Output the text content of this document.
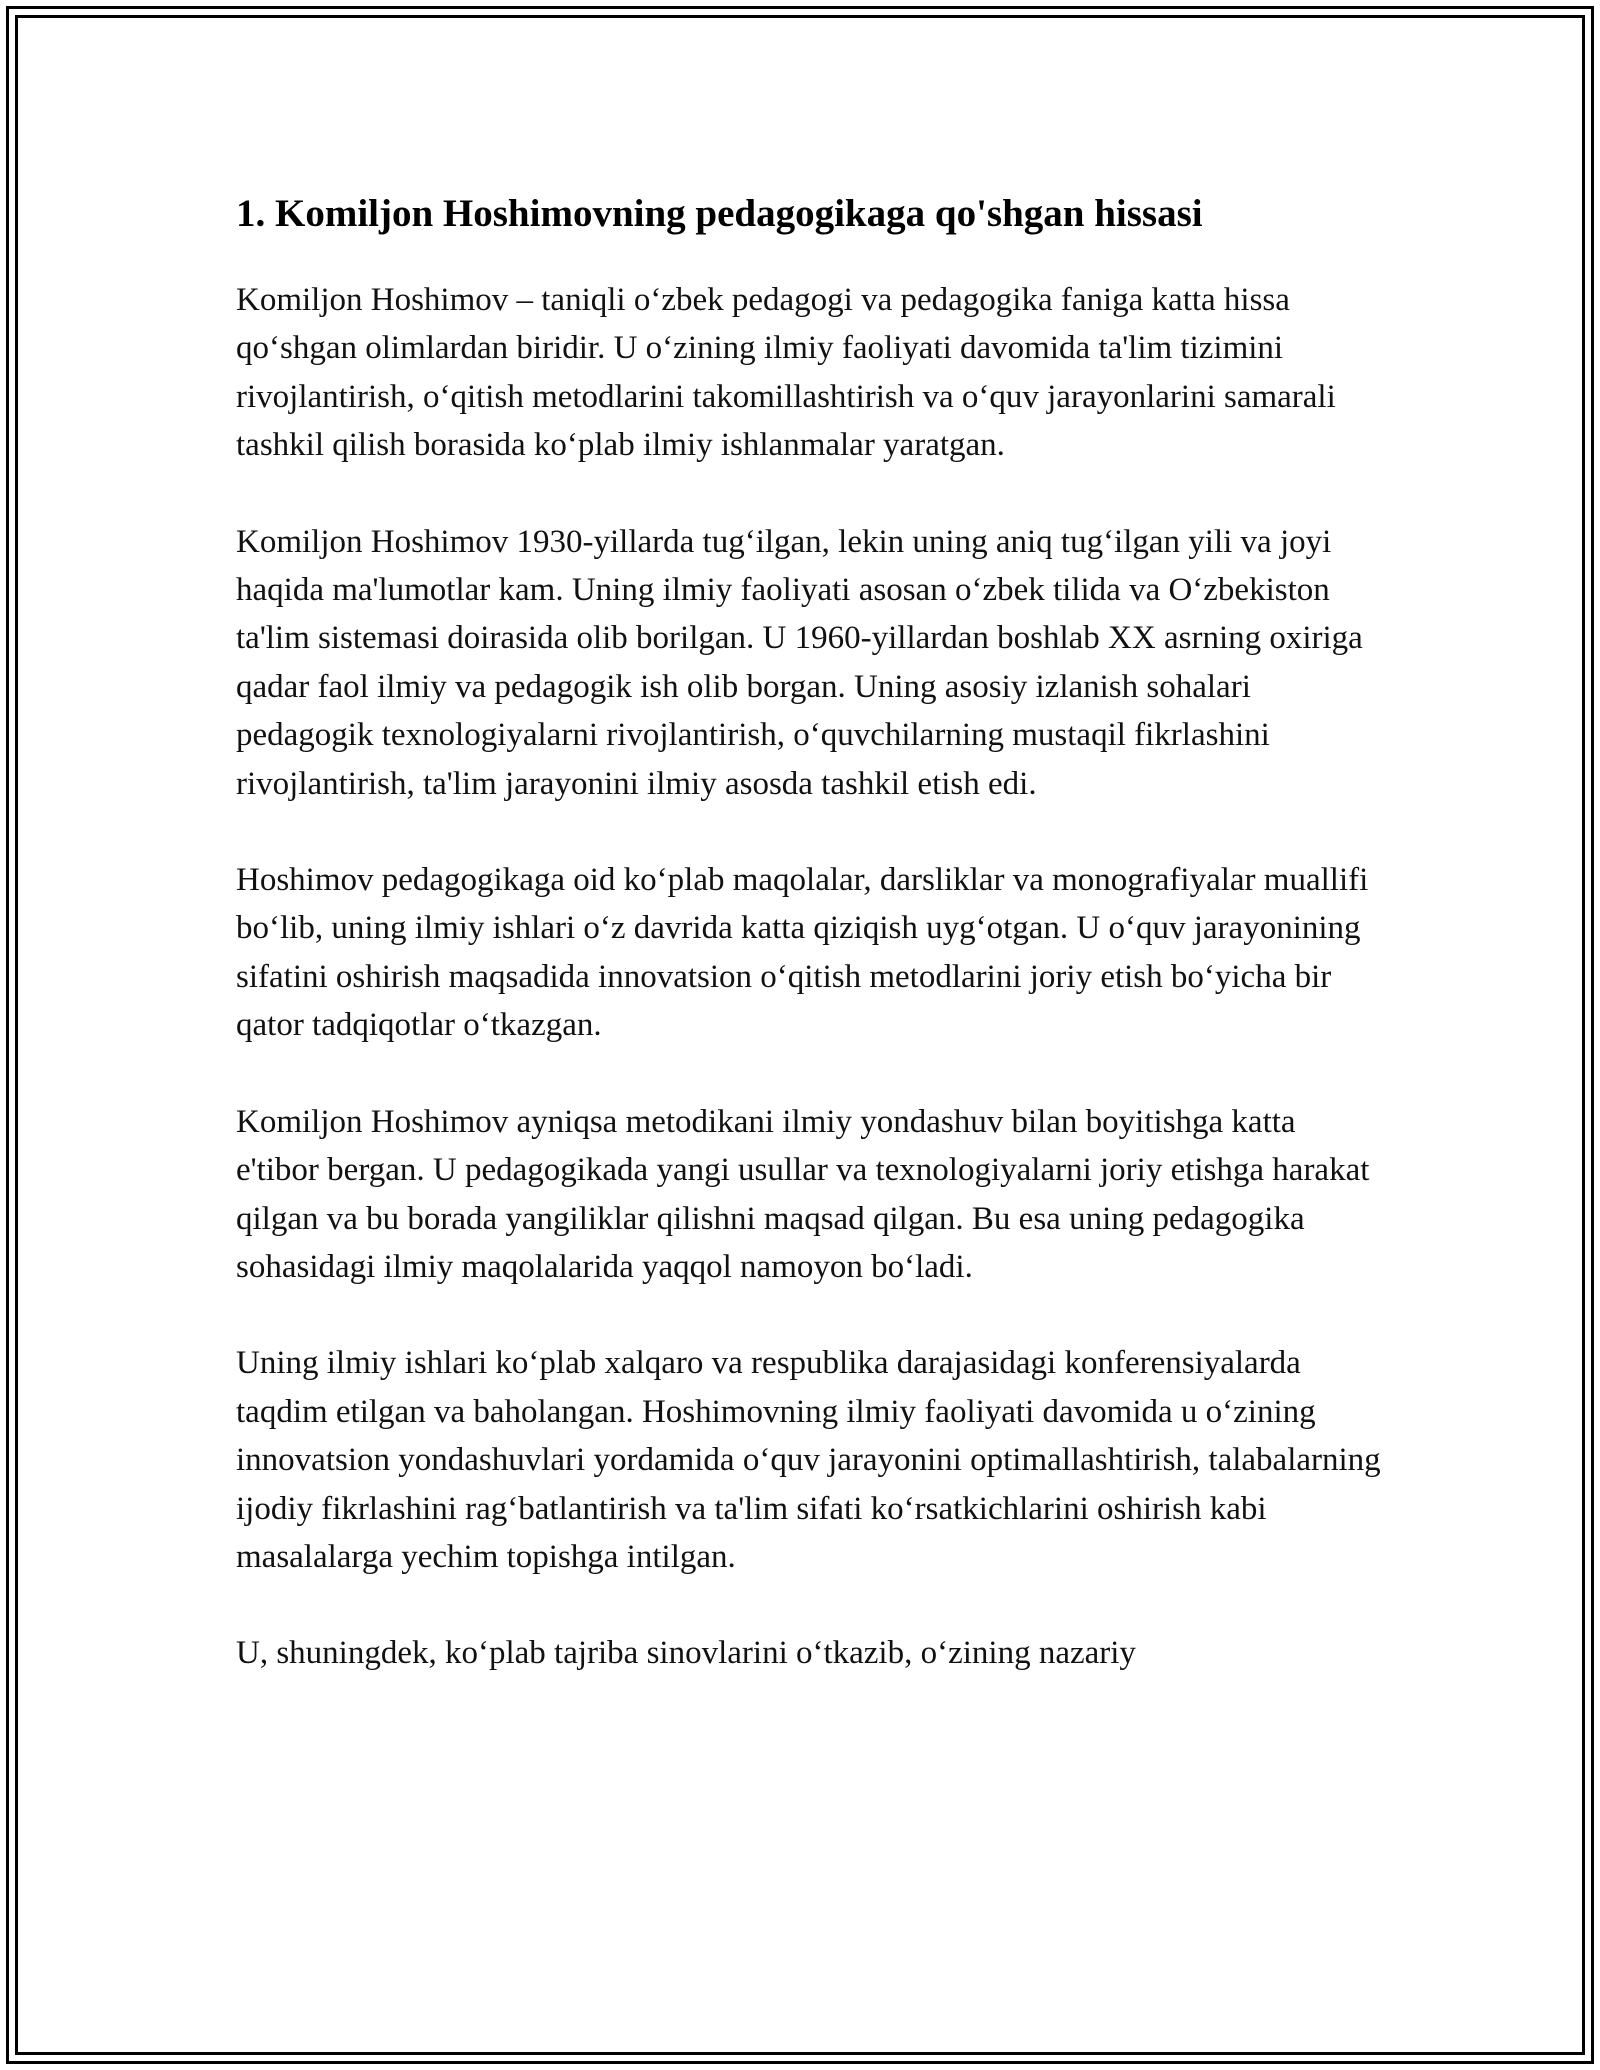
1. Komiljon Hoshimovning pedagogikaga qo'shgan hissasi

Komiljon Hoshimov – taniqli o‘zbek pedagogi va pedagogika faniga katta hissa qo‘shgan olimlardan biridir. U o‘zining ilmiy faoliyati davomida ta'lim tizimini rivojlantirish, o‘qitish metodlarini takomillashtirish va o‘quv jarayonlarini samarali tashkil qilish borasida ko‘plab ilmiy ishlanmalar yaratgan.

Komiljon Hoshimov 1930-yillarda tug‘ilgan, lekin uning aniq tug‘ilgan yili va joyi haqida ma'lumotlar kam. Uning ilmiy faoliyati asosan o‘zbek tilida va O‘zbekiston ta'lim sistemasi doirasida olib borilgan. U 1960-yillardan boshlab XX asrning oxiriga qadar faol ilmiy va pedagogik ish olib borgan. Uning asosiy izlanish sohalari pedagogik texnologiyalarni rivojlantirish, o‘quvchilarning mustaqil fikrlashini rivojlantirish, ta'lim jarayonini ilmiy asosda tashkil etish edi.

Hoshimov pedagogikaga oid ko‘plab maqolalar, darsliklar va monografiyalar muallifi bo‘lib, uning ilmiy ishlari o‘z davrida katta qiziqish uyg‘otgan. U o‘quv jarayonining sifatini oshirish maqsadida innovatsion o‘qitish metodlarini joriy etish bo‘yicha bir qator tadqiqotlar o‘tkazgan.

Komiljon Hoshimov ayniqsa metodikani ilmiy yondashuv bilan boyitishga katta e'tibor bergan. U pedagogikada yangi usullar va texnologiyalarni joriy etishga harakat qilgan va bu borada yangiliklar qilishni maqsad qilgan. Bu esa uning pedagogika sohasidagi ilmiy maqolalarida yaqqol namoyon bo‘ladi.

Uning ilmiy ishlari ko‘plab xalqaro va respublika darajasidagi konferensiyalarda taqdim etilgan va baholangan. Hoshimovning ilmiy faoliyati davomida u o‘zining innovatsion yondashuvlari yordamida o‘quv jarayonini optimallashtirish, talabalarning ijodiy fikrlashini rag‘batlantirish va ta'lim sifati ko‘rsatkichlarini oshirish kabi masalalarga yechim topishga intilgan.

U, shuningdek, ko‘plab tajriba sinovlarini o‘tkazib, o‘zining nazariy
